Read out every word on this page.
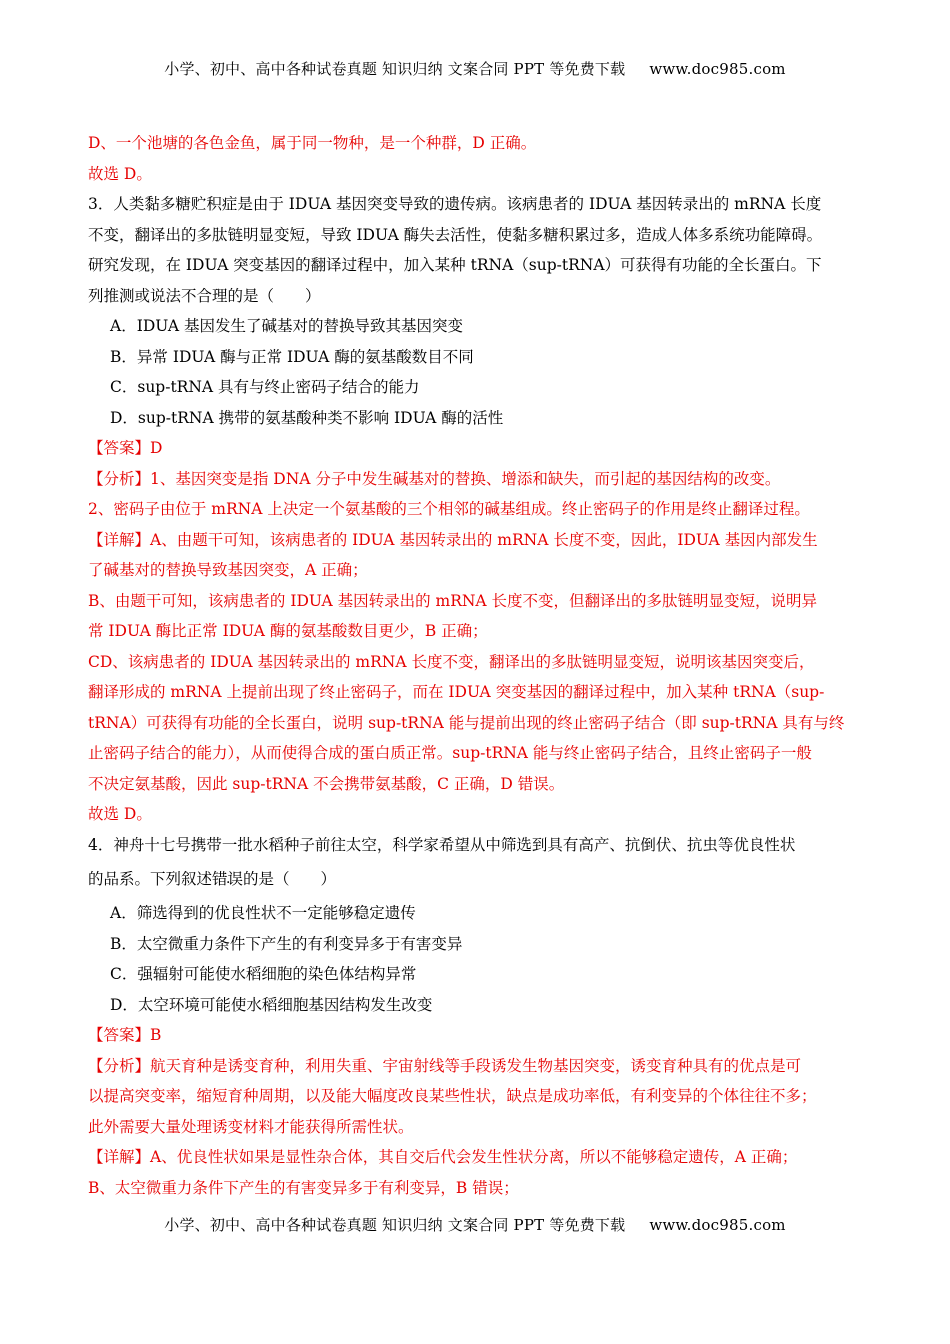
小学、初中、高中各种试卷真题 知识归纳 文案合同 PPT 等免费下载 www.doc985.com
D、一个池塘的各色金鱼，属于同一物种，是一个种群，D 正确。
故选 D。
3．人类黏多糖贮积症是由于 IDUA 基因突变导致的遗传病。该病患者的 IDUA 基因转录出的 mRNA 长度
不变，翻译出的多肽链明显变短，导致 IDUA 酶失去活性，使黏多糖积累过多，造成人体多系统功能障碍。
研究发现，在 IDUA 突变基因的翻译过程中，加入某种 tRNA（sup-tRNA）可获得有功能的全长蛋白。下
列推测或说法不合理的是（　　）
A．IDUA 基因发生了碱基对的替换导致其基因突变
B．异常 IDUA 酶与正常 IDUA 酶的氨基酸数目不同
C．sup-tRNA 具有与终止密码子结合的能力
D．sup-tRNA 携带的氨基酸种类不影响 IDUA 酶的活性
【答案】D
【分析】1、基因突变是指 DNA 分子中发生碱基对的替换、增添和缺失，而引起的基因结构的改变。
2、密码子由位于 mRNA 上决定一个氨基酸的三个相邻的碱基组成。终止密码子的作用是终止翻译过程。
【详解】A、由题干可知，该病患者的 IDUA 基因转录出的 mRNA 长度不变，因此，IDUA 基因内部发生
了碱基对的替换导致基因突变，A 正确；
B、由题干可知，该病患者的 IDUA 基因转录出的 mRNA 长度不变，但翻译出的多肽链明显变短，说明异
常 IDUA 酶比正常 IDUA 酶的氨基酸数目更少，B 正确；
CD、该病患者的 IDUA 基因转录出的 mRNA 长度不变，翻译出的多肽链明显变短，说明该基因突变后，
翻译形成的 mRNA 上提前出现了终止密码子，而在 IDUA 突变基因的翻译过程中，加入某种 tRNA（sup-
tRNA）可获得有功能的全长蛋白，说明 sup-tRNA 能与提前出现的终止密码子结合（即 sup-tRNA 具有与终
止密码子结合的能力），从而使得合成的蛋白质正常。sup-tRNA 能与终止密码子结合，且终止密码子一般
不决定氨基酸，因此 sup-tRNA 不会携带氨基酸，C 正确，D 错误。
故选 D。
4．神舟十七号携带一批水稻种子前往太空，科学家希望从中筛选到具有高产、抗倒伏、抗虫等优良性状
的品系。下列叙述错误 ·的是（　　）
A．筛选得到的优良性状不一定能够稳定遗传
B．太空微重力条件下产生的有利变异多于有害变异
C．强辐射可能使水稻细胞的染色体结构异常
D．太空环境可能使水稻细胞基因结构发生改变
【答案】B
【分析】航天育种是诱变育种，利用失重、宇宙射线等手段诱发生物基因突变，诱变育种具有的优点是可
以提高突变率，缩短育种周期，以及能大幅度改良某些性状，缺点是成功率低，有利变异的个体往往不多；
此外需要大量处理诱变材料才能获得所需性状。
【详解】A、优良性状如果是显性杂合体，其自交后代会发生性状分离，所以不能够稳定遗传，A 正确；
B、太空微重力条件下产生的有害变异多于有利变异，B 错误；
小学、初中、高中各种试卷真题 知识归纳 文案合同 PPT 等免费下载 www.doc985.com
